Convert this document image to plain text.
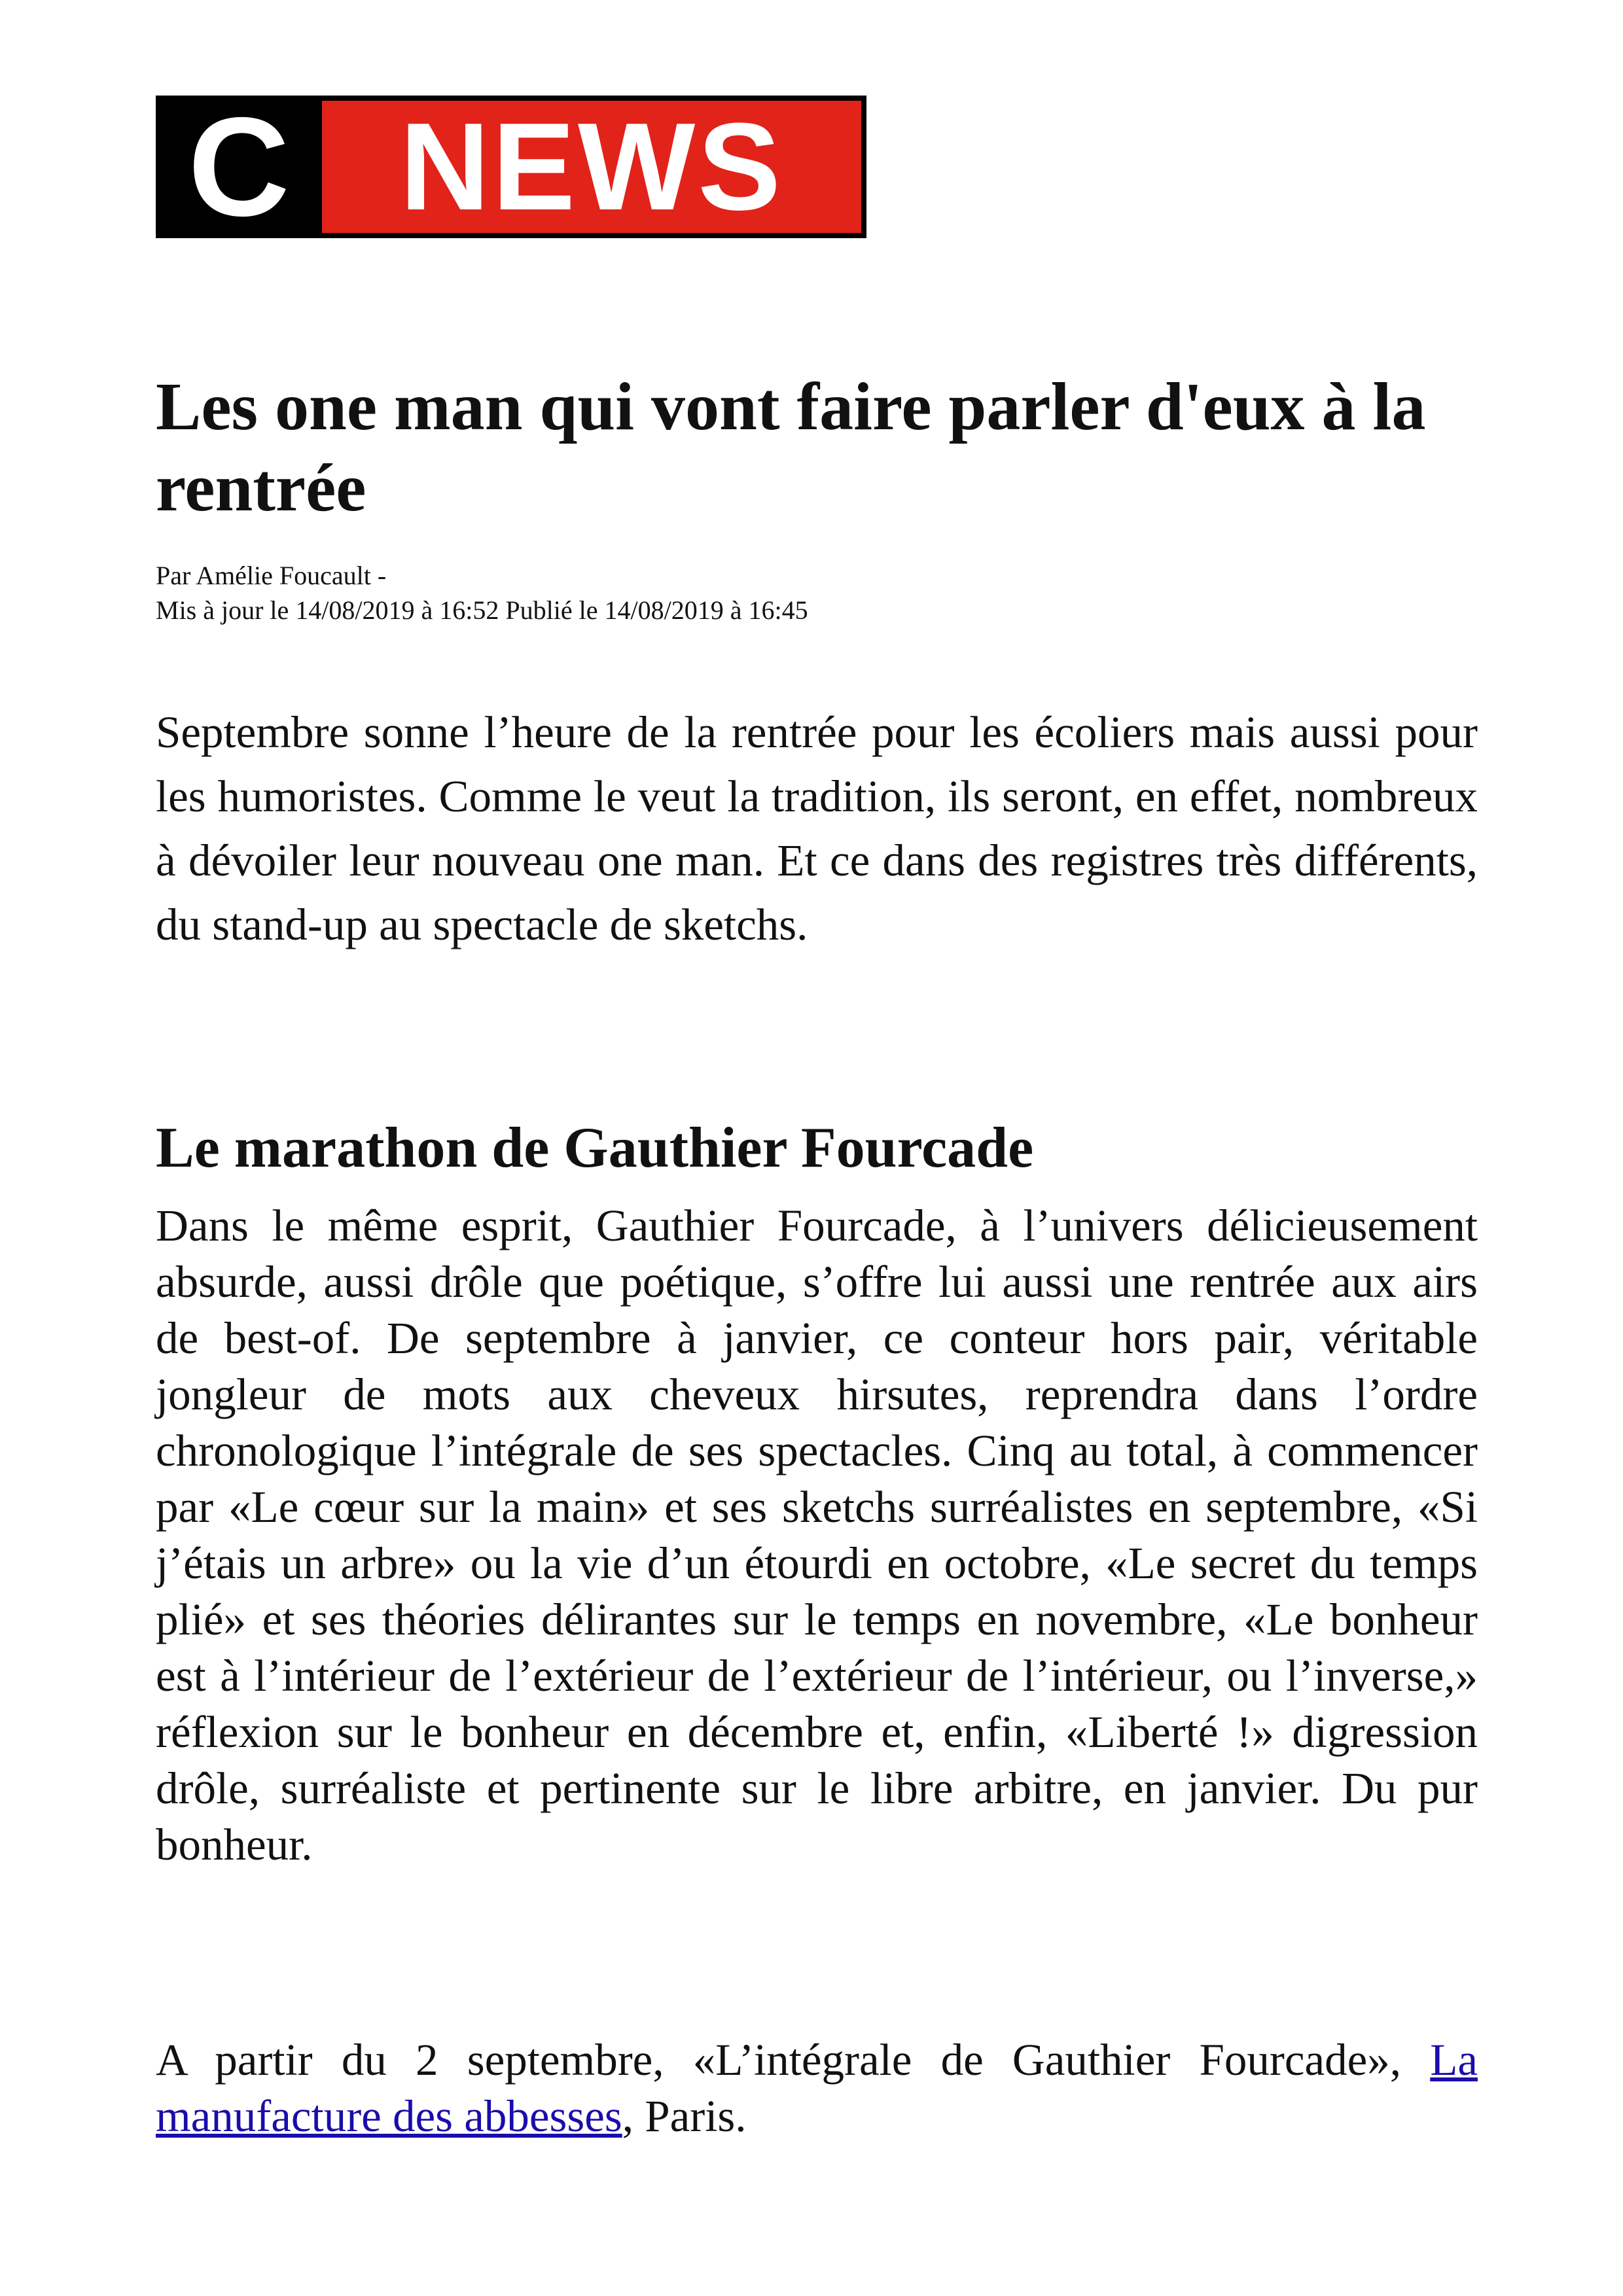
C NEWS
Les one man qui vont faire parler d'eux à la rentrée
Par Amélie Foucault -
Mis à jour le 14/08/2019 à 16:52 Publié le 14/08/2019 à 16:45

Septembre sonne l’heure de la rentrée pour les écoliers mais aussi pour les humoristes. Comme le veut la tradition, ils seront, en effet, nombreux à dévoiler leur nouveau one man. Et ce dans des registres très différents, du stand-up au spectacle de sketchs.

Le marathon de Gauthier Fourcade

Dans le même esprit, Gauthier Fourcade, à l’univers délicieusement absurde, aussi drôle que poétique, s’offre lui aussi une rentrée aux airs de best-of. De septembre à janvier, ce conteur hors pair, véritable jongleur de mots aux cheveux hirsutes, reprendra dans l’ordre chronologique l’intégrale de ses spectacles. Cinq au total, à commencer par «Le cœur sur la main» et ses sketchs surréalistes en septembre, «Si j’étais un arbre» ou la vie d’un étourdi en octobre, «Le secret du temps plié» et ses théories délirantes sur le temps en novembre, «Le bonheur est à l’intérieur de l’extérieur de l’extérieur de l’intérieur, ou l’inverse,» réflexion sur le bonheur en décembre et, enfin, «Liberté !» digression drôle, surréaliste et pertinente sur le libre arbitre, en janvier. Du pur bonheur.

A partir du 2 septembre, «L’intégrale de Gauthier Fourcade», La manufacture des abbesses, Paris.
